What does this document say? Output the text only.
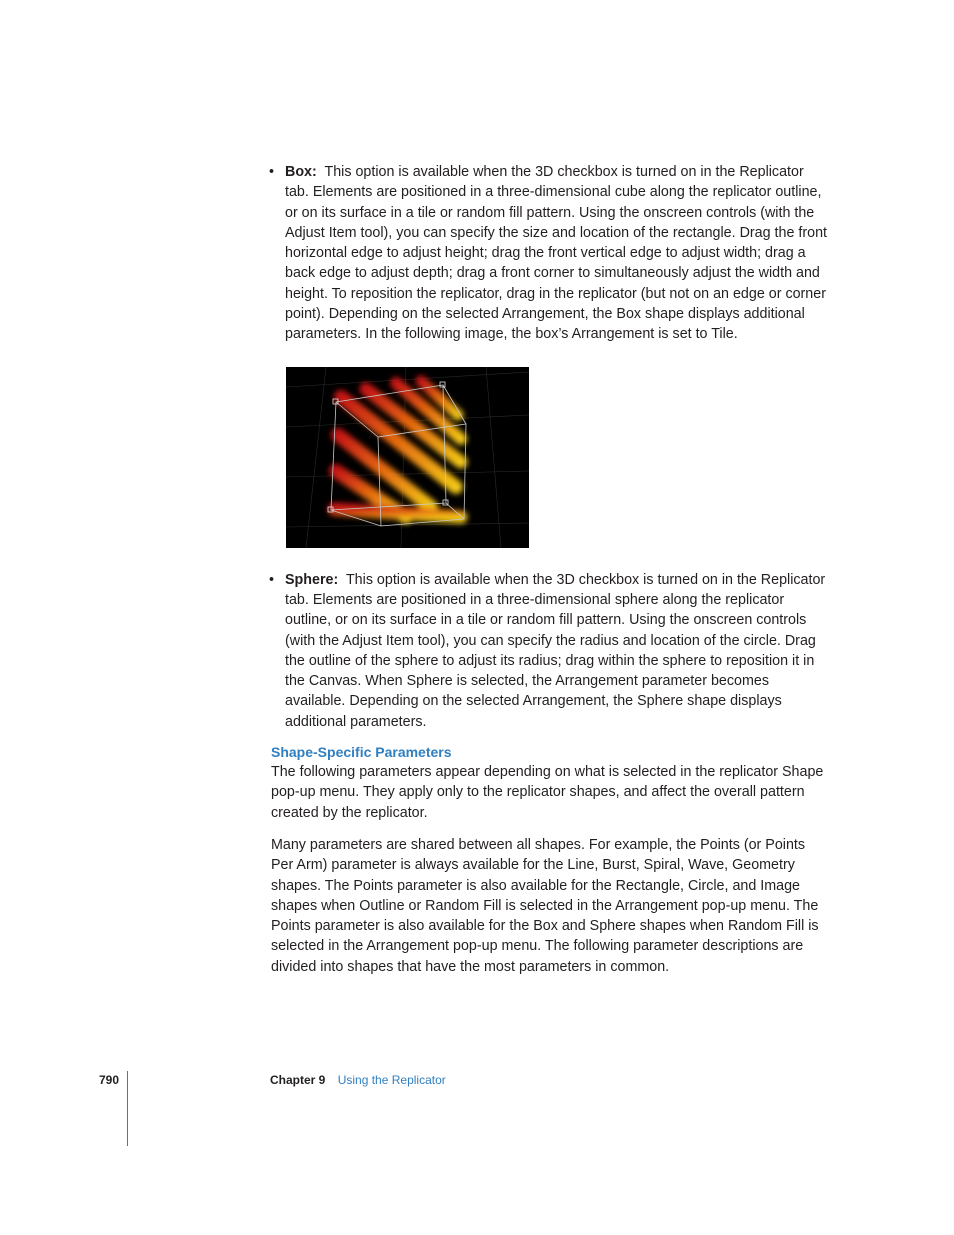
• Box: This option is available when the 3D checkbox is turned on in the Replicator tab. Elements are positioned in a three-dimensional cube along the replicator outline, or on its surface in a tile or random fill pattern. Using the onscreen controls (with the Adjust Item tool), you can specify the size and location of the rectangle. Drag the front horizontal edge to adjust height; drag the front vertical edge to adjust width; drag a back edge to adjust depth; drag a front corner to simultaneously adjust the width and height. To reposition the replicator, drag in the replicator (but not on an edge or corner point). Depending on the selected Arrangement, the Box shape displays additional parameters. In the following image, the box’s Arrangement is set to Tile.
• Sphere: This option is available when the 3D checkbox is turned on in the Replicator tab. Elements are positioned in a three-dimensional sphere along the replicator outline, or on its surface in a tile or random fill pattern. Using the onscreen controls (with the Adjust Item tool), you can specify the radius and location of the circle. Drag the outline of the sphere to adjust its radius; drag within the sphere to reposition it in the Canvas. When Sphere is selected, the Arrangement parameter becomes available. Depending on the selected Arrangement, the Sphere shape displays additional parameters.
Shape-Specific Parameters

The following parameters appear depending on what is selected in the replicator Shape pop-up menu. They apply only to the replicator shapes, and affect the overall pattern created by the replicator.

Many parameters are shared between all shapes. For example, the Points (or Points Per Arm) parameter is always available for the Line, Burst, Spiral, Wave, Geometry shapes. The Points parameter is also available for the Rectangle, Circle, and Image shapes when Outline or Random Fill is selected in the Arrangement pop-up menu. The Points parameter is also available for the Box and Sphere shapes when Random Fill is selected in the Arrangement pop-up menu. The following parameter descriptions are divided into shapes that have the most parameters in common.

790	Chapter 9 Using the Replicator
